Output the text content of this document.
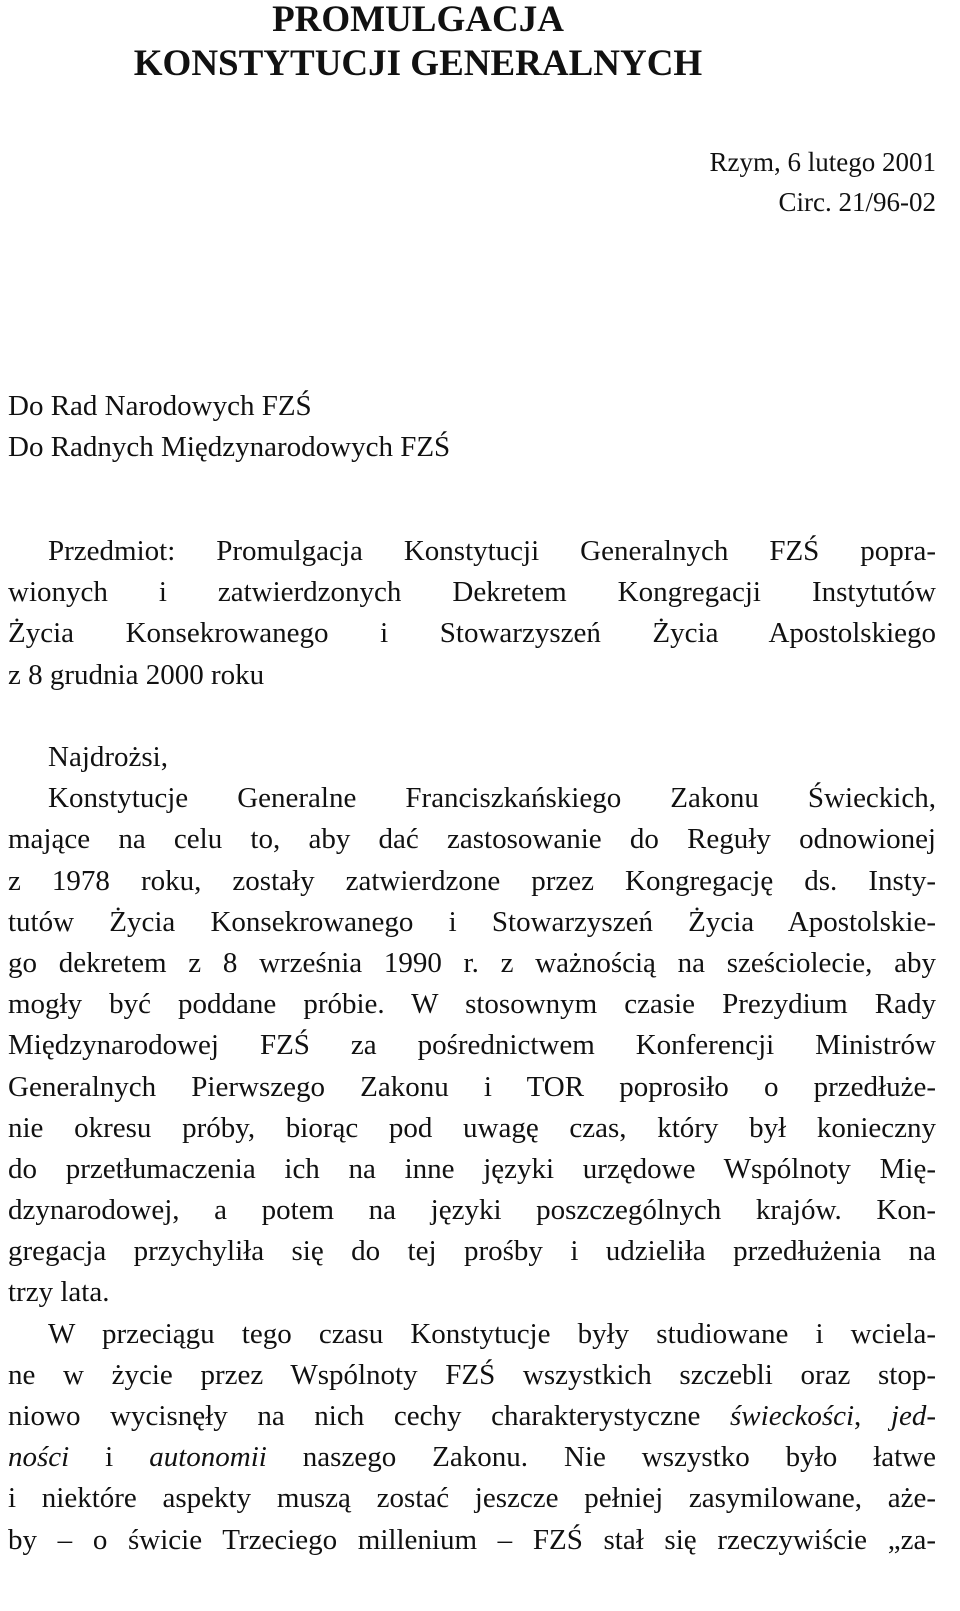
PROMULGACJA
KONSTYTUCJI GENERALNYCH
Rzym, 6 lutego 2001
Circ. 21/96-02
Do Rad Narodowych FZŚ
Do Radnych Międzynarodowych FZŚ
Przedmiot: Promulgacja Konstytucji Generalnych FZŚ popra-
wionych i zatwierdzonych Dekretem Kongregacji Instytutów
Życia Konsekrowanego i Stowarzyszeń Życia Apostolskiego
z 8 grudnia 2000 roku
Najdrożsi,
Konstytucje Generalne Franciszkańskiego Zakonu Świeckich,
mające na celu to, aby dać zastosowanie do Reguły odnowionej
z 1978 roku, zostały zatwierdzone przez Kongregację ds. Insty-
tutów Życia Konsekrowanego i Stowarzyszeń Życia Apostolskie-
go dekretem z 8 września 1990 r. z ważnością na sześciolecie, aby
mogły być poddane próbie. W stosownym czasie Prezydium Rady
Międzynarodowej FZŚ za pośrednictwem Konferencji Ministrów
Generalnych Pierwszego Zakonu i TOR poprosiło o przedłuże-
nie okresu próby, biorąc pod uwagę czas, który był konieczny
do przetłumaczenia ich na inne języki urzędowe Wspólnoty Mię-
dzynarodowej, a potem na języki poszczególnych krajów. Kon-
gregacja przychyliła się do tej prośby i udzieliła przedłużenia na
trzy lata.
W przeciągu tego czasu Konstytucje były studiowane i wciela-
ne w życie przez Wspólnoty FZŚ wszystkich szczebli oraz stop-
niowo wycisnęły na nich cechy charakterystyczne świeckości, jed-
ności i autonomii naszego Zakonu. Nie wszystko było łatwe
i niektóre aspekty muszą zostać jeszcze pełniej zasymilowane, aże-
by – o świcie Trzeciego millenium – FZŚ stał się rzeczywiście „za-
